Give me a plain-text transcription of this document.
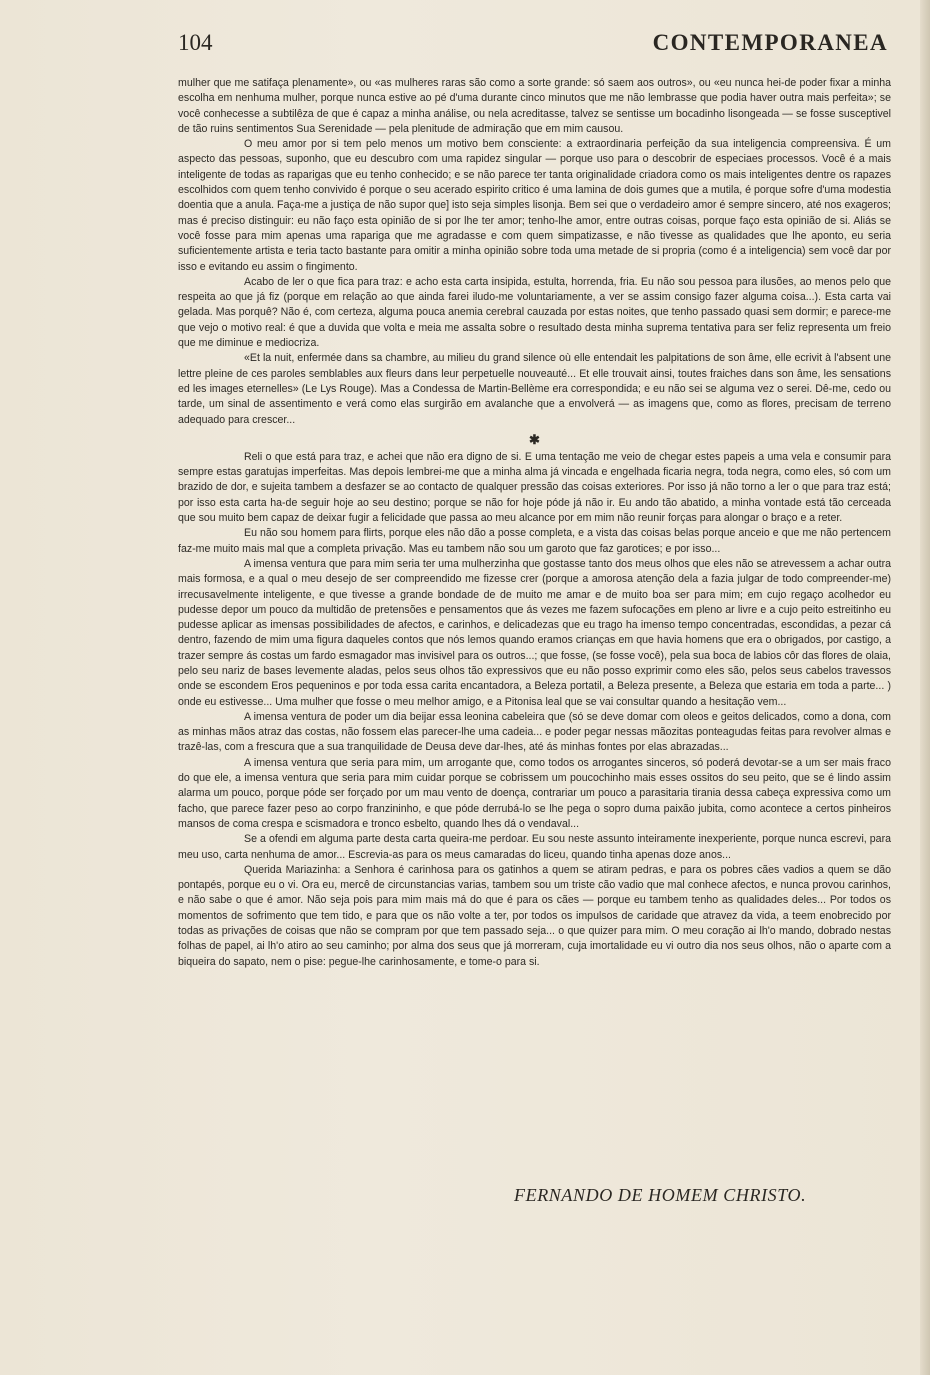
104	CONTEMPORANEA

mulher que me satifaça plenamente», ou «as mulheres raras são como a sorte grande: só saem aos outros», ou «eu nunca hei-de poder fixar a minha escolha em nenhuma mulher, porque nunca estive ao pé d'uma durante cinco minutos que me não lembrasse que podia haver outra mais perfeita»; se você conhecesse a subtilêza de que é capaz a minha análise, ou nela acreditasse, talvez se sentisse um bocadinho lisongeada — se fosse susceptivel de tão ruins sentimentos Sua Serenidade — pela plenitude de admiração que em mim causou.

O meu amor por si tem pelo menos um motivo bem consciente: a extraordinaria perfeição da sua inteligencia compreensiva. É um aspecto das pessoas, suponho, que eu descubro com uma rapidez singular — porque uso para o descobrir de especiaes processos. Você é a mais inteligente de todas as raparigas que eu tenho conhecido; e se não parece ter tanta originalidade criadora como os mais inteligentes dentre os rapazes escolhidos com quem tenho convivido é porque o seu acerado espirito critico é uma lamina de dois gumes que a mutila, é porque sofre d'uma modestia doentia que a anula. Faça-me a justiça de não supor que] isto seja simples lisonja. Bem sei que o verdadeiro amor é sempre sincero, até nos exageros; mas é preciso distinguir: eu não faço esta opinião de si por lhe ter amor; tenho-lhe amor, entre outras coisas, porque faço esta opinião de si. Aliás se você fosse para mim apenas uma rapariga que me agradasse e com quem simpatizasse, e não tivesse as qualidades que lhe aponto, eu seria suficientemente artista e teria tacto bastante para omitir a minha opinião sobre toda uma metade de si propria (como é a inteligencia) sem você dar por isso e evitando eu assim o fingimento.

Acabo de ler o que fica para traz: e acho esta carta insipida, estulta, horrenda, fria. Eu não sou pessoa para ilusões, ao menos pelo que respeita ao que já fiz (porque em relação ao que ainda farei iludo-me voluntariamente, a ver se assim consigo fazer alguma coisa...). Esta carta vai gelada. Mas porquê? Não é, com certeza, alguma pouca anemia cerebral cauzada por estas noites, que tenho passado quasi sem dormir; e parece-me que vejo o motivo real: é que a duvida que volta e meia me assalta sobre o resultado desta minha suprema tentativa para ser feliz representa um freio que me diminue e mediocriza.

«Et la nuit, enfermée dans sa chambre, au milieu du grand silence où elle entendait les palpitations de son âme, elle ecrivit à l'absent une lettre pleine de ces paroles semblables aux fleurs dans leur perpetuelle nouveauté... Et elle trouvait ainsi, toutes fraiches dans son âme, les sensations ed les images eternelles» (Le Lys Rouge). Mas a Condessa de Martin-Bellème era correspondida; e eu não sei se alguma vez o serei. Dê-me, cedo ou tarde, um sinal de assentimento e verá como elas surgirão em avalanche que a envolverá — as imagens que, como as flores, precisam de terreno adequado para crescer...

✱

Reli o que está para traz, e achei que não era digno de si. E uma tentação me veio de chegar estes papeis a uma vela e consumir para sempre estas garatujas imperfeitas. Mas depois lembrei-me que a minha alma já vincada e engelhada ficaria negra, toda negra, como eles, só com um brazido de dor, e sujeita tambem a desfazer se ao contacto de qualquer pressão das coisas exteriores. Por isso já não torno a ler o que para traz está; por isso esta carta ha-de seguir hoje ao seu destino; porque se não for hoje póde já não ir. Eu ando tão abatido, a minha vontade está tão cerceada que sou muito bem capaz de deixar fugir a felicidade que passa ao meu alcance por em mim não reunir forças para alongar o braço e a reter.

Eu não sou homem para flirts, porque eles não dão a posse completa, e a vista das coisas belas porque anceio e que me não pertencem faz-me muito mais mal que a completa privação. Mas eu tambem não sou um garoto que faz garotices; e por isso...

A imensa ventura que para mim seria ter uma mulherzinha que gostasse tanto dos meus olhos que eles não se atrevessem a achar outra mais formosa, e a qual o meu desejo de ser compreendido me fizesse crer (porque a amorosa atenção dela a fazia julgar de todo compreender-me) irrecusavelmente inteligente, e que tivesse a grande bondade de de muito me amar e de muito boa ser para mim; em cujo regaço acolhedor eu pudesse depor um pouco da multidão de pretensões e pensamentos que ás vezes me fazem sufocações em pleno ar livre e a cujo peito estreitinho eu pudesse aplicar as imensas possibilidades de afectos, e carinhos, e delicadezas que eu trago ha imenso tempo concentradas, escondidas, a pezar cá dentro, fazendo de mim uma figura daqueles contos que nós lemos quando eramos crianças em que havia homens que era o obrigados, por castigo, a trazer sempre ás costas um fardo esmagador mas invisivel para os outros...; que fosse, (se fosse você), pela sua boca de labios côr das flores de olaia, pelo seu nariz de bases levemente aladas, pelos seus olhos tão expressivos que eu não posso exprimir como eles são, pelos seus cabelos travessos onde se escondem Eros pequeninos e por toda essa carita encantadora, a Beleza portatil, a Beleza presente, a Beleza que estaria em toda a parte... ) onde eu estivesse... Uma mulher que fosse o meu melhor amigo, e a Pitonisa leal que se vai consultar quando a hesitação vem...

A imensa ventura de poder um dia beijar essa leonina cabeleira que (só se deve domar com oleos e geitos delicados, como a dona, com as minhas mãos atraz das costas, não fossem elas parecer-lhe uma cadeia... e poder pegar nessas mãozitas ponteagudas feitas para revolver almas e trazê-las, com a frescura que a sua tranquilidade de Deusa deve dar-lhes, até ás minhas fontes por elas abrazadas...

A imensa ventura que seria para mim, um arrogante que, como todos os arrogantes sinceros, só poderá devotar-se a um ser mais fraco do que ele, a imensa ventura que seria para mim cuidar porque se cobrissem um poucochinho mais esses ossitos do seu peito, que se é lindo assim alarma um pouco, porque póde ser forçado por um mau vento de doença, contrariar um pouco a parasitaria tirania dessa cabeça expressiva como um facho, que parece fazer peso ao corpo franzininho, e que póde derrubá-lo se lhe pega o sopro duma paixão jubita, como acontece a certos pinheiros mansos de coma crespa e scismadora e tronco esbelto, quando lhes dá o vendaval...

Se a ofendi em alguma parte desta carta queira-me perdoar. Eu sou neste assunto inteiramente inexperiente, porque nunca escrevi, para meu uso, carta nenhuma de amor... Escrevia-as para os meus camaradas do liceu, quando tinha apenas doze anos...

Querida Mariazinha: a Senhora é carinhosa para os gatinhos a quem se atiram pedras, e para os pobres cães vadios a quem se dão pontapés, porque eu o vi. Ora eu, mercê de circunstancias varias, tambem sou um triste cão vadio que mal conhece afectos, e nunca provou carinhos, e não sabe o que é amor. Não seja pois para mim mais má do que é para os cães — porque eu tambem tenho as qualidades deles... Por todos os momentos de sofrimento que tem tido, e para que os não volte a ter, por todos os impulsos de caridade que atravez da vida, a teem enobrecido por todas as privações de coisas que não se compram por que tem passado seja... o que quizer para mim. O meu coração ai lh'o mando, dobrado nestas folhas de papel, ai lh'o atiro ao seu caminho; por alma dos seus que já morreram, cuja imortalidade eu vi outro dia nos seus olhos, não o aparte com a biqueira do sapato, nem o pise: pegue-lhe carinhosamente, e tome-o para si.

FERNANDO DE HOMEM CHRISTO.
